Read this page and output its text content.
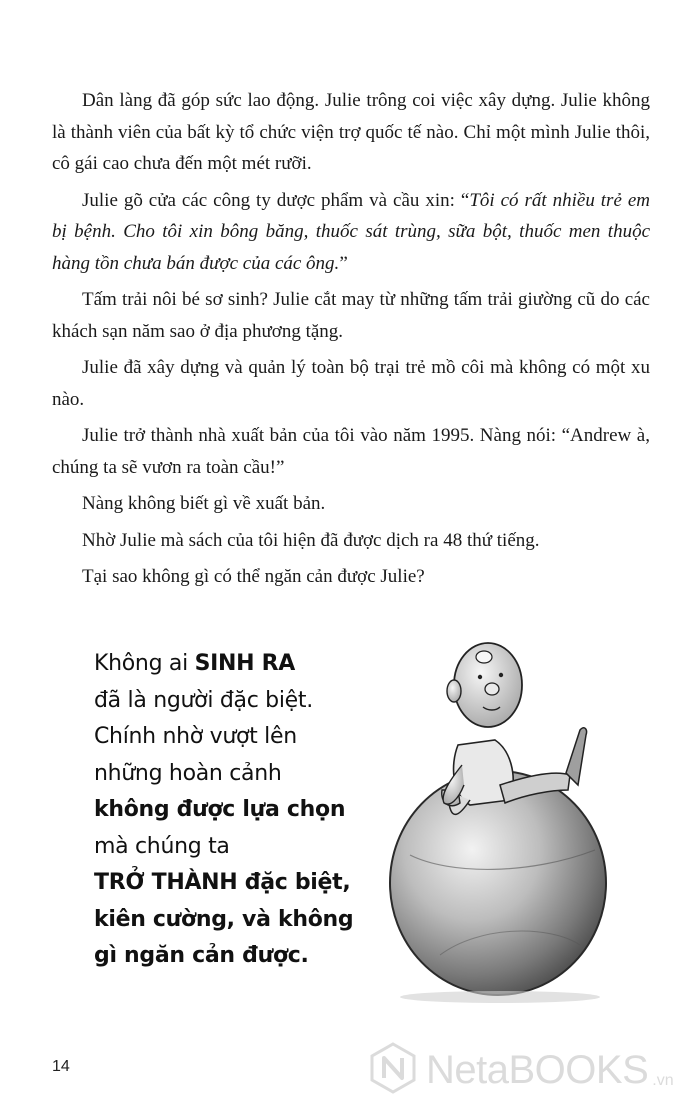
Dân làng đã góp sức lao động. Julie trông coi việc xây dựng. Julie không là thành viên của bất kỳ tổ chức viện trợ quốc tế nào. Chỉ một mình Julie thôi, cô gái cao chưa đến một mét rưỡi.

Julie gõ cửa các công ty dược phẩm và cầu xin: “Tôi có rất nhiều trẻ em bị bệnh. Cho tôi xin bông băng, thuốc sát trùng, sữa bột, thuốc men thuộc hàng tồn chưa bán được của các ông.”

Tấm trải nôi bé sơ sinh? Julie cắt may từ những tấm trải giường cũ do các khách sạn năm sao ở địa phương tặng.

Julie đã xây dựng và quản lý toàn bộ trại trẻ mồ côi mà không có một xu nào.

Julie trở thành nhà xuất bản của tôi vào năm 1995. Nàng nói: “Andrew à, chúng ta sẽ vươn ra toàn cầu!”

Nàng không biết gì về xuất bản.

Nhờ Julie mà sách của tôi hiện đã được dịch ra 48 thứ tiếng.

Tại sao không gì có thể ngăn cản được Julie?

Không ai SINH RA
đã là người đặc biệt.
Chính nhờ vượt lên
những hoàn cảnh
không được lựa chọn
mà chúng ta
TRỞ THÀNH đặc biệt,
kiên cường, và không
gì ngăn cản được.
14	NetaBOOKS .vn
